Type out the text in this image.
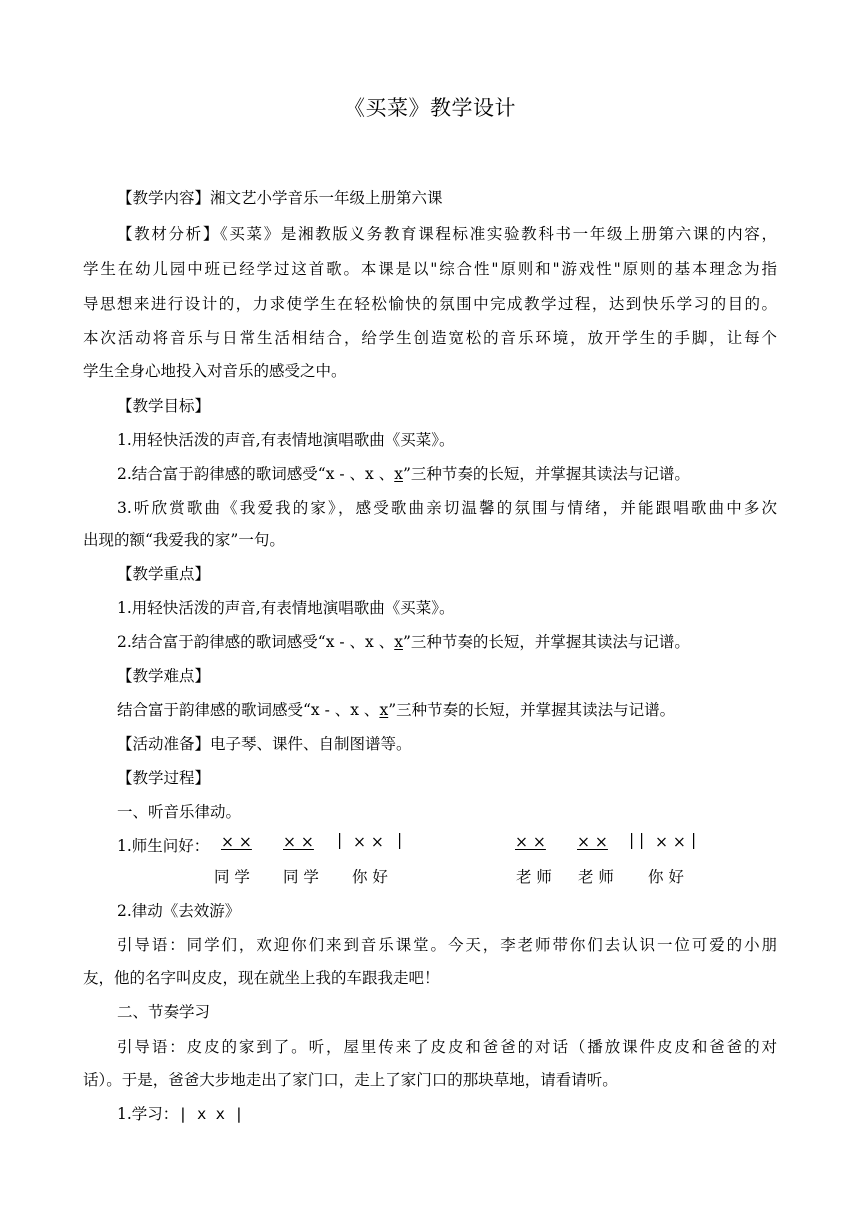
《买菜》教学设计
【教学内容】湘文艺小学音乐一年级上册第六课
【教材分析】《买菜》是湘教版义务教育课程标准实验教科书一年级上册第六课的内容，
学生在幼儿园中班已经学过这首歌。本课是以"综合性"原则和"游戏性"原则的基本理念为指
导思想来进行设计的，力求使学生在轻松愉快的氛围中完成教学过程，达到快乐学习的目的。
本次活动将音乐与日常生活相结合，给学生创造宽松的音乐环境，放开学生的手脚，让每个
学生全身心地投入对音乐的感受之中。
【教学目标】
1.用轻快活泼的声音,有表情地演唱歌曲《买菜》。
2.结合富于韵律感的歌词感受“x - 、x 、x”三种节奏的长短，并掌握其读法与记谱。
3.听欣赏歌曲《我爱我的家》，感受歌曲亲切温馨的氛围与情绪，并能跟唱歌曲中多次
出现的额“我爱我的家”一句。
【教学重点】
1.用轻快活泼的声音,有表情地演唱歌曲《买菜》。
2.结合富于韵律感的歌词感受“x - 、x 、x”三种节奏的长短，并掌握其读法与记谱。
【教学难点】
结合富于韵律感的歌词感受“x - 、x 、x”三种节奏的长短，并掌握其读法与记谱。
【活动准备】电子琴、课件、自制图谱等。
【教学过程】
一、听音乐律动。
1.师生问好： × × × × | × × |	× × × × | | × × |
同 学 同 学 你 好	老 师 老 师 你 好
2.律动《去效游》
引导语：同学们，欢迎你们来到音乐课堂。今天，李老师带你们去认识一位可爱的小朋
友，他的名字叫皮皮，现在就坐上我的车跟我走吧！
二、节奏学习
引导语：皮皮的家到了。听，屋里传来了皮皮和爸爸的对话（播放课件皮皮和爸爸的对
话）。于是，爸爸大步地走出了家门口，走上了家门口的那块草地，请看请听。
1.学习：| x x |
